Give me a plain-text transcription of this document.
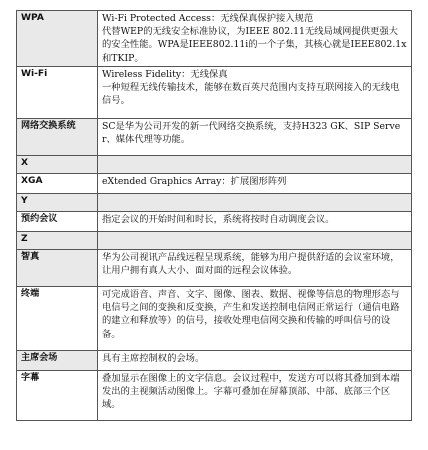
WPA	Wi-Fi Protected Access：无线保真保护接入规范

代替WEP的无线安全标准协议，为IEEE 802.11无线局域网提供更强大的安全性能。WPA是IEEE802.11i的一个子集，其核心就是IEEE802.1x和TKIP。

Wi-Fi	Wireless Fidelity：无线保真

一种短程无线传输技术，能够在数百英尺范围内支持互联网接入的无线电信号。

网络交换系统	SC是华为公司开发的新一代网络交换系统，支持H323 GK、SIP Server、媒体代理等功能。

X	
XGA	eXtended Graphics Array：扩展图形阵列

Y	
预约会议	指定会议的开始时间和时长，系统将按时自动调度会议。

Z	
智真	华为公司视讯产品线远程呈现系统，能够为用户提供舒适的会议室环境，让用户拥有真人大小、面对面的远程会议体验。

终端	可完成语音、声音、文字、图像、图表、数据、视像等信息的物理形态与电信号之间的变换和反变换，产生和发送控制电信网正常运行（通信电路的建立和释放等）的信号，接收处理电信网交换和传输的呼叫信号的设备。

主席会场	具有主席控制权的会场。

字幕	叠加显示在图像上的文字信息。会议过程中，发送方可以将其叠加到本端发出的主视频活动图像上。字幕可叠加在屏幕顶部、中部、底部三个区域。
